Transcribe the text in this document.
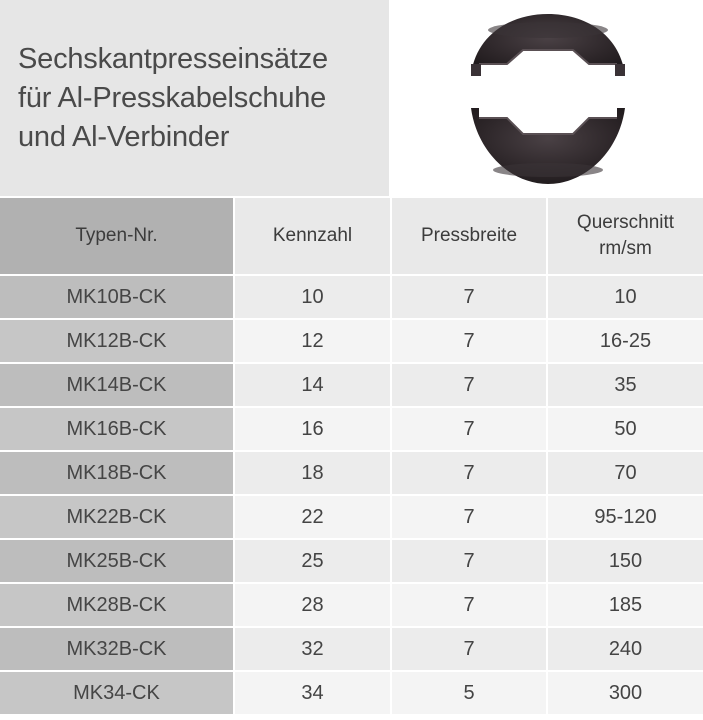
Sechskantpresseinsätze
für Al-Presskabelschuhe
und Al-Verbinder
Typen-Nr.	Kennzahl	Pressbreite	Querschnitt
rm/sm
MK10B-CK	10	7	10
MK12B-CK	12	7	16-25
MK14B-CK	14	7	35
MK16B-CK	16	7	50
MK18B-CK	18	7	70
MK22B-CK	22	7	95-120
MK25B-CK	25	7	150
MK28B-CK	28	7	185
MK32B-CK	32	7	240
MK34-CK	34	5	300
